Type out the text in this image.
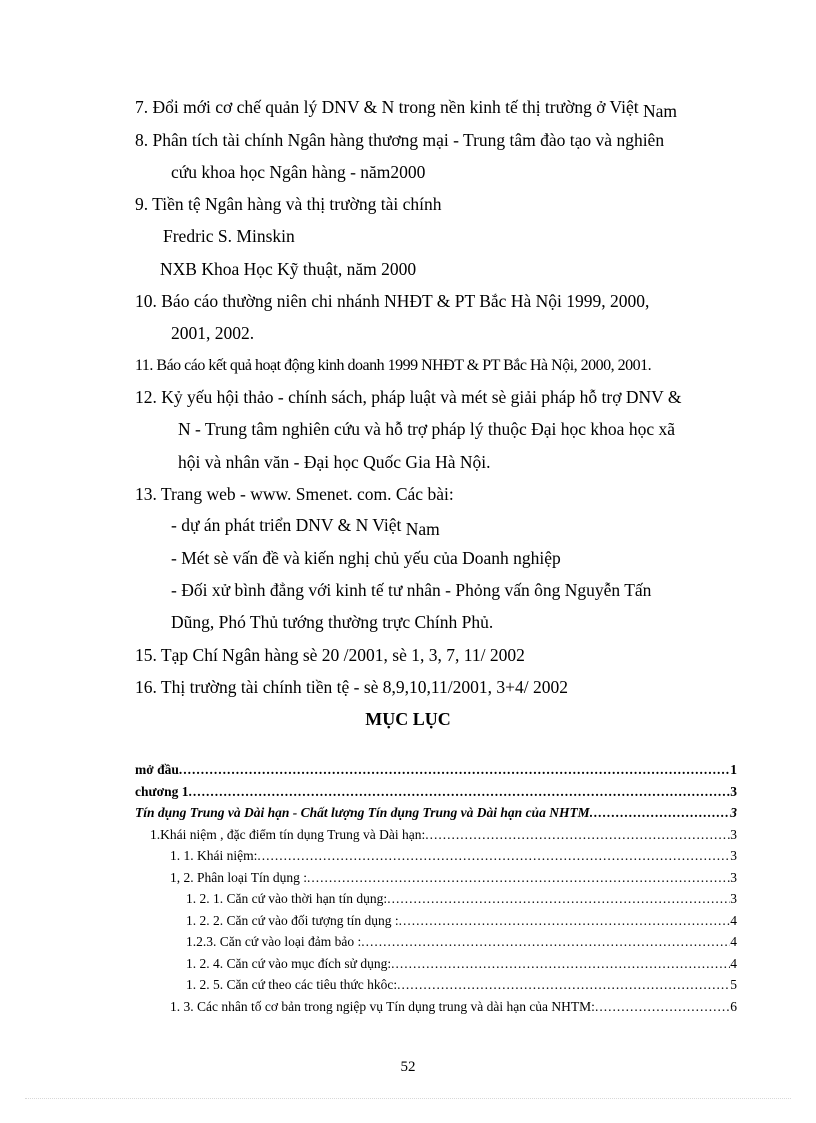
7. Đổi mới cơ chế quản lý DNV & N trong nền kinh tế thị trường ở Việt Nam
8. Phân tích tài chính Ngân hàng thương mại - Trung tâm đào tạo và nghiên
cứu khoa học Ngân hàng - năm2000
9. Tiền tệ Ngân hàng và thị trường tài chính
Fredric S. Minskin
NXB Khoa Học Kỹ thuật, năm 2000
10. Báo cáo thường niên chi nhánh NHĐT & PT Bắc Hà Nội 1999, 2000,
2001, 2002.
11. Báo cáo kết quả hoạt động kinh doanh 1999 NHĐT & PT Bắc Hà Nội, 2000, 2001.
12. Kỷ yếu hội thảo - chính sách, pháp luật và mét sè giải pháp hỗ trợ DNV &
N - Trung tâm nghiên cứu và hỗ trợ pháp lý thuộc Đại học khoa học xã
hội và nhân văn - Đại học Quốc Gia Hà Nội.
13. Trang web - www. Smenet. com. Các bài:
- dự án phát triển DNV & N Việt Nam
- Mét sè vấn đề và kiến nghị chủ yếu của Doanh nghiệp
- Đối xử bình đẳng với kinh tế tư nhân - Phỏng vấn ông Nguyễn Tấn
Dũng, Phó Thủ tướng thường trực Chính Phủ.
15. Tạp Chí Ngân hàng sè 20 /2001, sè 1, 3, 7, 11/ 2002
16. Thị trường tài chính tiền tệ - sè 8,9,10,11/2001, 3+4/ 2002
MỤC LỤC
mở đầu .....	1
chương 1 .....	3
Tín dụng Trung và Dài hạn - Chất lượng Tín dụng Trung và Dài hạn của NHTM .....	3
1.Khái niệm , đặc điểm tín dụng Trung và Dài hạn: .....	3
1. 1. Khái niệm: .....	3
1, 2. Phân loại Tín dụng : .....	3
1. 2. 1. Căn cứ vào thời hạn tín dụng: .....	3
1. 2. 2. Căn cứ vào đối tượng tín dụng : .....	4
1.2.3. Căn cứ vào loại đảm bảo : .....	4
1. 2. 4. Căn cứ vào mục đích sử dụng: .....	4
1. 2. 5. Căn cứ theo các tiêu thức hkôc: .....	5
1. 3. Các nhân tố cơ bản trong ngiệp vụ Tín dụng trung và dài hạn của NHTM: .....	6
52
